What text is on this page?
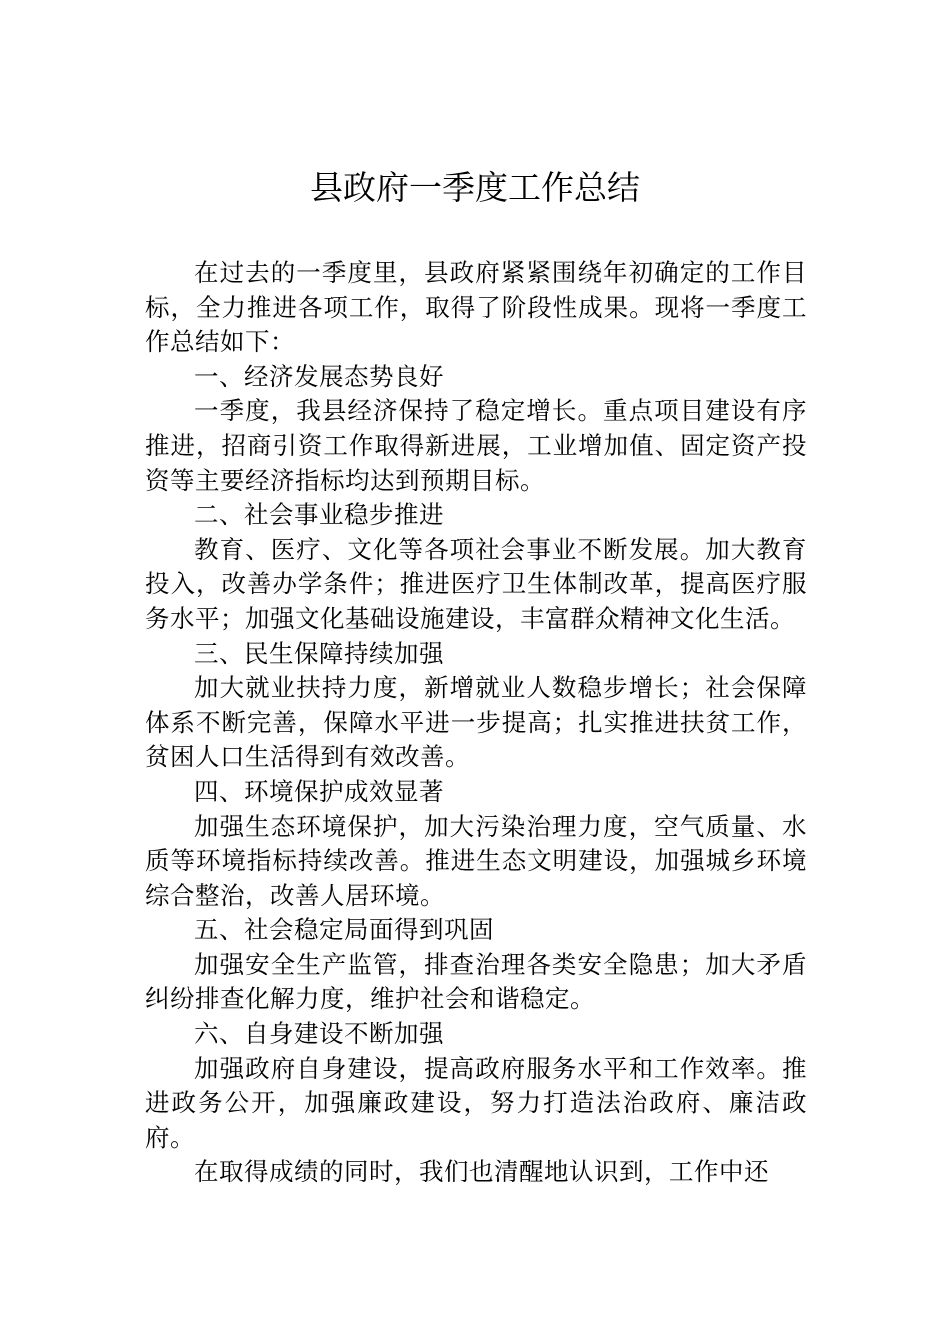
县政府一季度工作总结

在过去的一季度里，县政府紧紧围绕年初确定的工作目标，全力推进各项工作，取得了阶段性成果。现将一季度工作总结如下：

一、经济发展态势良好

一季度，我县经济保持了稳定增长。重点项目建设有序推进，招商引资工作取得新进展，工业增加值、固定资产投资等主要经济指标均达到预期目标。

二、社会事业稳步推进

教育、医疗、文化等各项社会事业不断发展。加大教育投入，改善办学条件；推进医疗卫生体制改革，提高医疗服务水平；加强文化基础设施建设，丰富群众精神文化生活。

三、民生保障持续加强

加大就业扶持力度，新增就业人数稳步增长；社会保障体系不断完善，保障水平进一步提高；扎实推进扶贫工作，贫困人口生活得到有效改善。

四、环境保护成效显著

加强生态环境保护，加大污染治理力度，空气质量、水质等环境指标持续改善。推进生态文明建设，加强城乡环境综合整治，改善人居环境。

五、社会稳定局面得到巩固

加强安全生产监管，排查治理各类安全隐患；加大矛盾纠纷排查化解力度，维护社会和谐稳定。

六、自身建设不断加强

加强政府自身建设，提高政府服务水平和工作效率。推进政务公开，加强廉政建设，努力打造法治政府、廉洁政府。

在取得成绩的同时，我们也清醒地认识到，工作中还
